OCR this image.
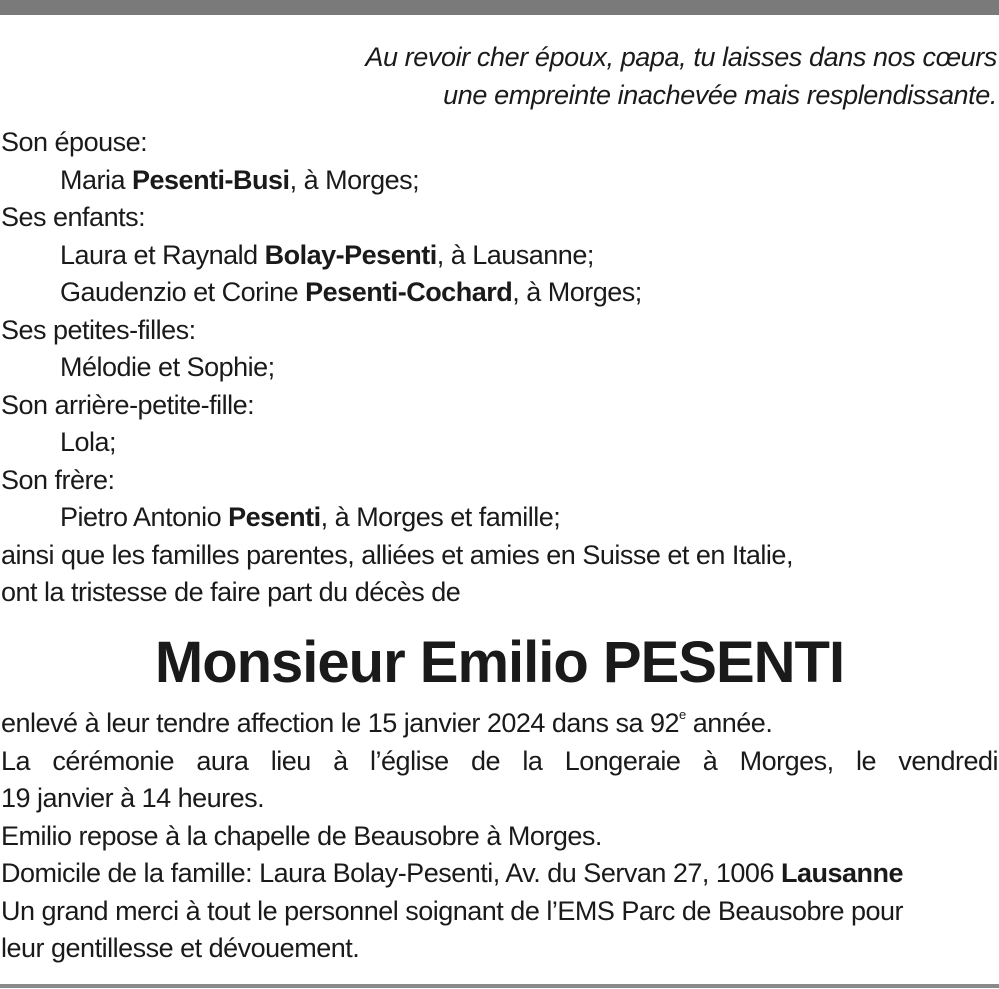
Au revoir cher époux, papa, tu laisses dans nos cœurs
une empreinte inachevée mais resplendissante.
Son épouse:
Maria Pesenti-Busi, à Morges;
Ses enfants:
Laura et Raynald Bolay-Pesenti, à Lausanne;
Gaudenzio et Corine Pesenti-Cochard, à Morges;
Ses petites-filles:
Mélodie et Sophie;
Son arrière-petite-fille:
Lola;
Son frère:
Pietro Antonio Pesenti, à Morges et famille;
ainsi que les familles parentes, alliées et amies en Suisse et en Italie,
ont la tristesse de faire part du décès de
Monsieur Emilio PESENTI
enlevé à leur tendre affection le 15 janvier 2024 dans sa 92e année.
La cérémonie aura lieu à l’église de la Longeraie à Morges, le vendredi
19 janvier à 14 heures.
Emilio repose à la chapelle de Beausobre à Morges.
Domicile de la famille: Laura Bolay-Pesenti, Av. du Servan 27, 1006 Lausanne
Un grand merci à tout le personnel soignant de l’EMS Parc de Beausobre pour
leur gentillesse et dévouement.
